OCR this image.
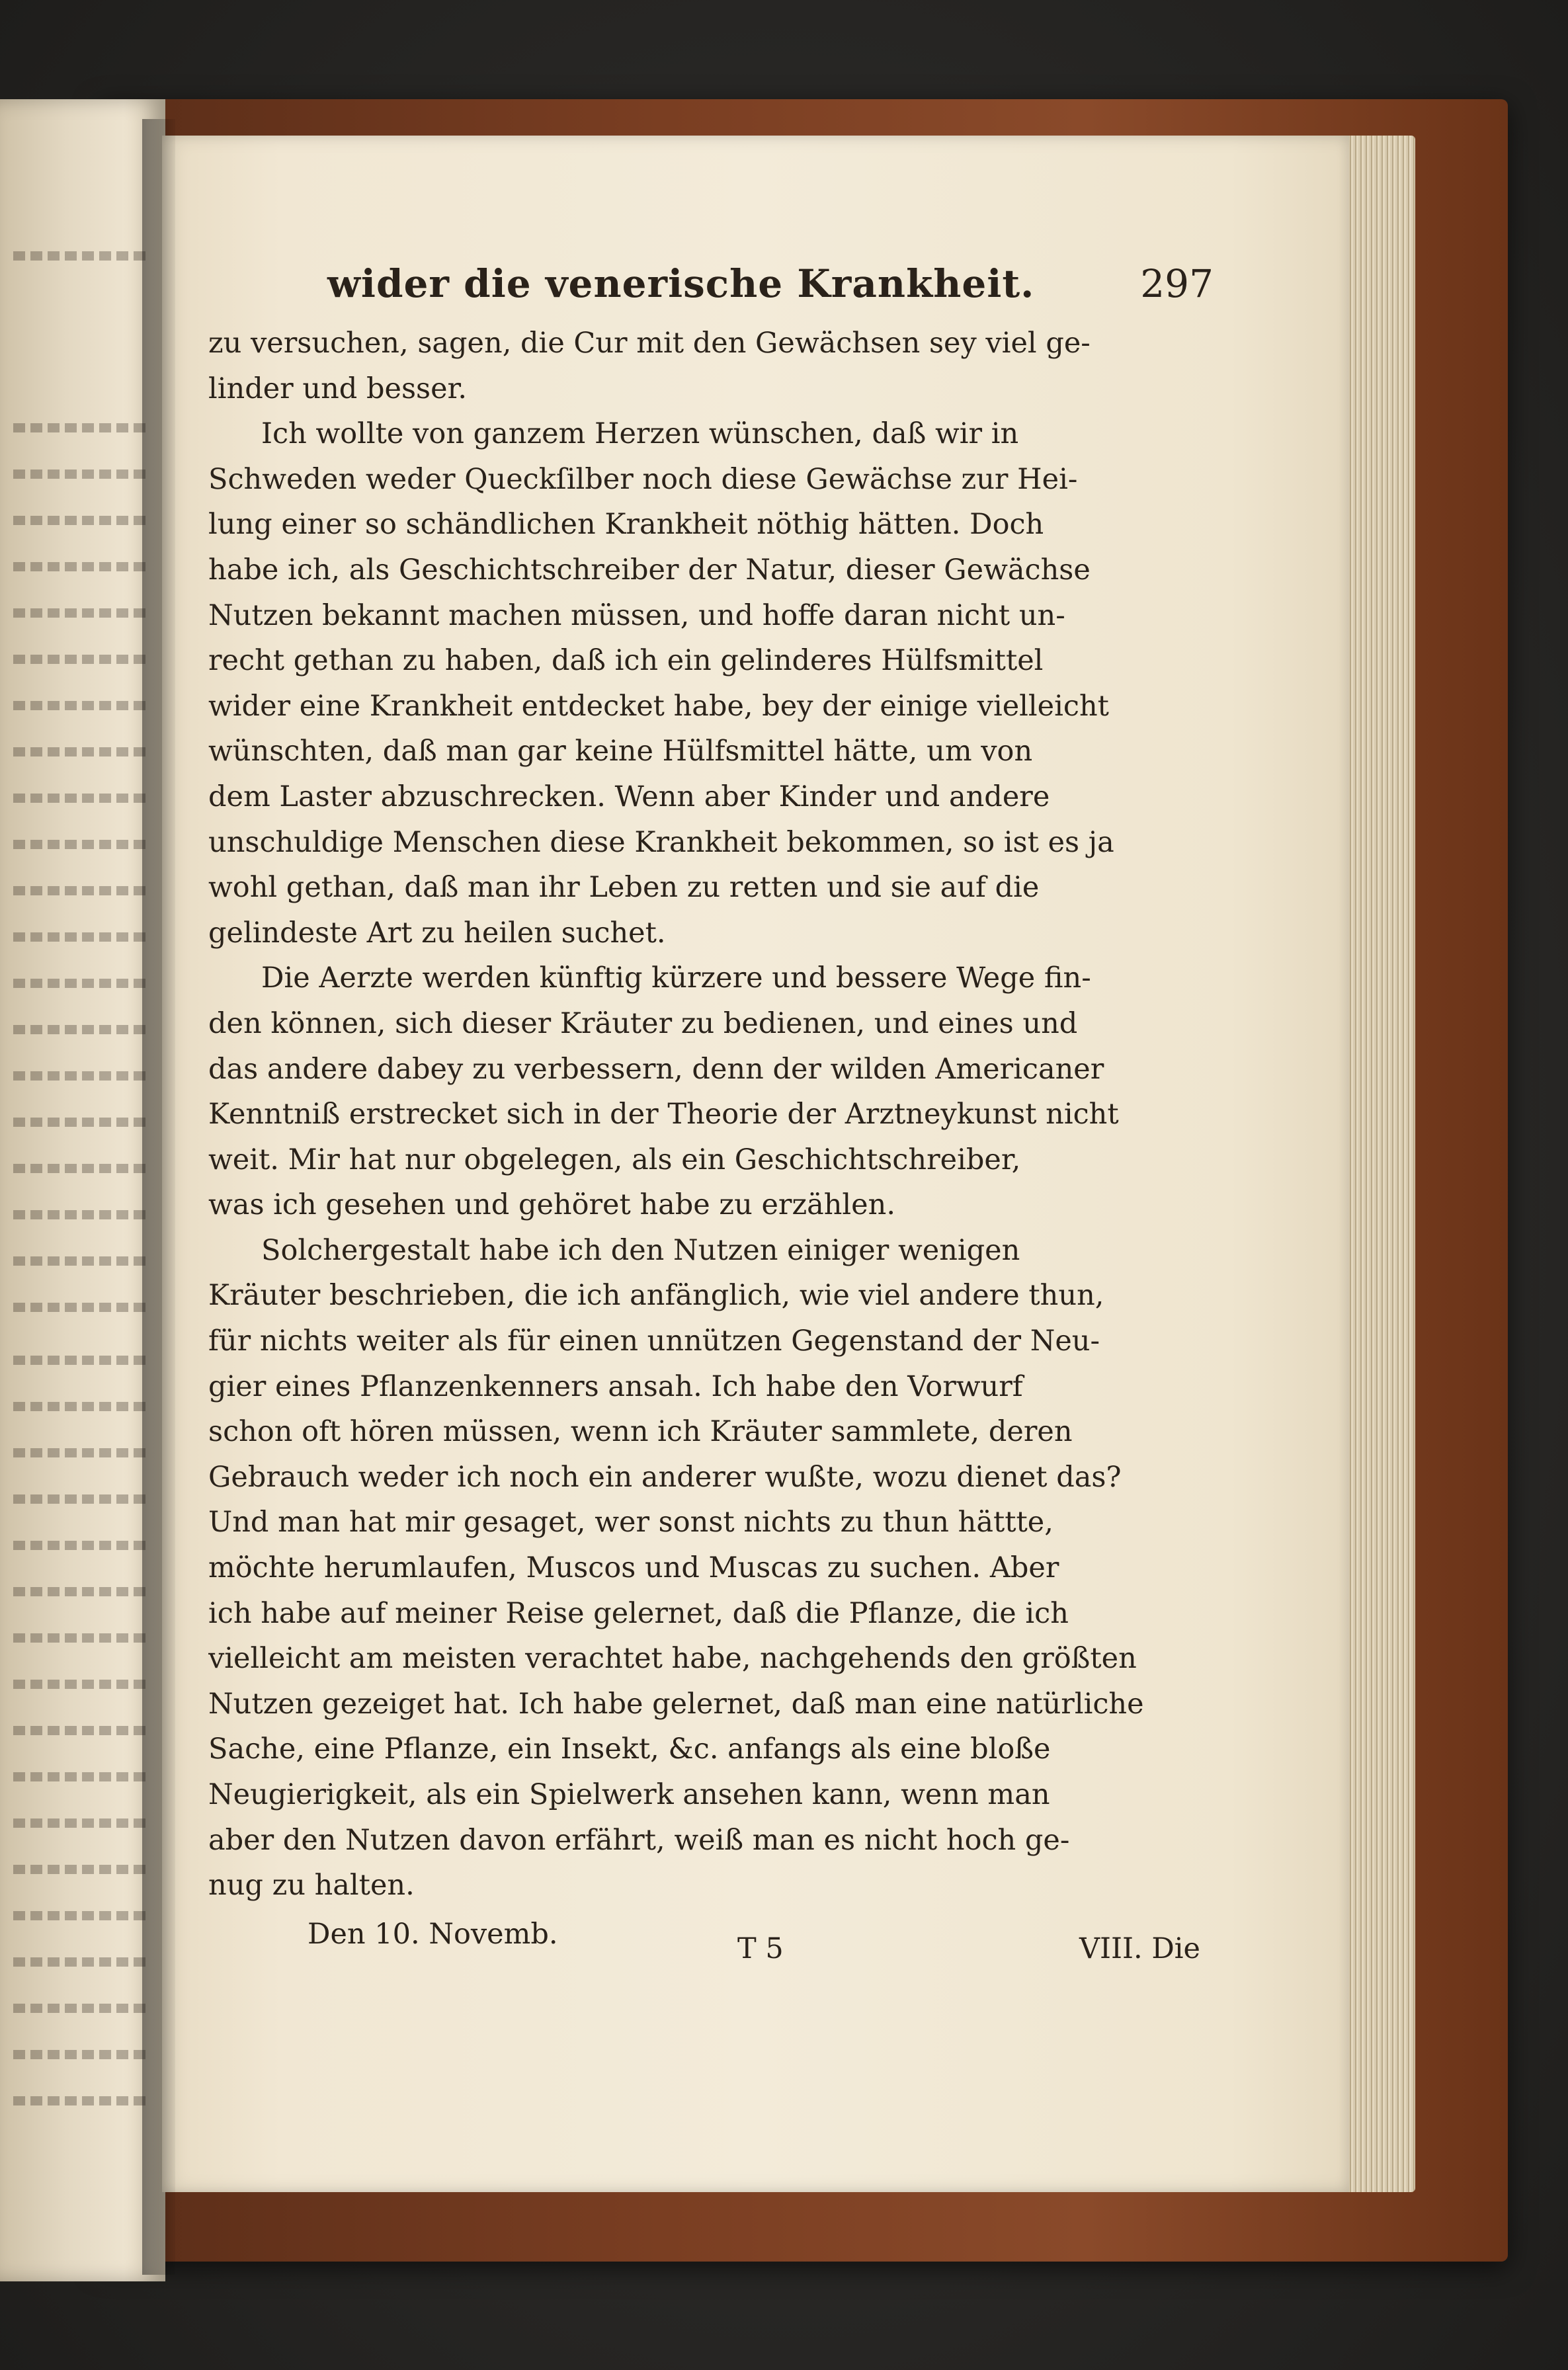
wider die venerische Krankheit.	297
zu versuchen, sagen, die Cur mit den Gewächsen sey viel ge-
linder und besser.
Ich wollte von ganzem Herzen wünschen, daß wir in
Schweden weder Queckſilber noch diese Gewächse zur Hei-
lung einer so schändlichen Krankheit nöthig hätten. Doch
habe ich, als Geschichtschreiber der Natur, dieser Gewächse
Nutzen bekannt machen müssen, und hoffe daran nicht un-
recht gethan zu haben, daß ich ein gelinderes Hülfsmittel
wider eine Krankheit entdecket habe, bey der einige vielleicht
wünschten, daß man gar keine Hülfsmittel hätte, um von
dem Laster abzuschrecken. Wenn aber Kinder und andere
unschuldige Menschen diese Krankheit bekommen, so ist es ja
wohl gethan, daß man ihr Leben zu retten und sie auf die
gelindeste Art zu heilen suchet.
Die Aerzte werden künftig kürzere und bessere Wege fin-
den können, sich dieser Kräuter zu bedienen, und eines und
das andere dabey zu verbessern, denn der wilden Americaner
Kenntniß erstrecket sich in der Theorie der Arztneykunst nicht
weit. Mir hat nur obgelegen, als ein Geschichtschreiber,
was ich gesehen und gehöret habe zu erzählen.
Solchergestalt habe ich den Nutzen einiger wenigen
Kräuter beschrieben, die ich anfänglich, wie viel andere thun,
für nichts weiter als für einen unnützen Gegenstand der Neu-
gier eines Pflanzenkenners ansah. Ich habe den Vorwurf
schon oft hören müssen, wenn ich Kräuter sammlete, deren
Gebrauch weder ich noch ein anderer wußte, wozu dienet das?
Und man hat mir gesaget, wer sonst nichts zu thun hättte,
möchte herumlaufen, Muscos und Muscas zu suchen. Aber
ich habe auf meiner Reise gelernet, daß die Pflanze, die ich
vielleicht am meisten verachtet habe, nachgehends den größten
Nutzen gezeiget hat. Ich habe gelernet, daß man eine natürliche
Sache, eine Pflanze, ein Insekt, &c. anfangs als eine bloße
Neugierigkeit, als ein Spielwerk ansehen kann, wenn man
aber den Nutzen davon erfährt, weiß man es nicht hoch ge-
nug zu halten.
Den 10. Novemb.	T 5	VIII. Die
